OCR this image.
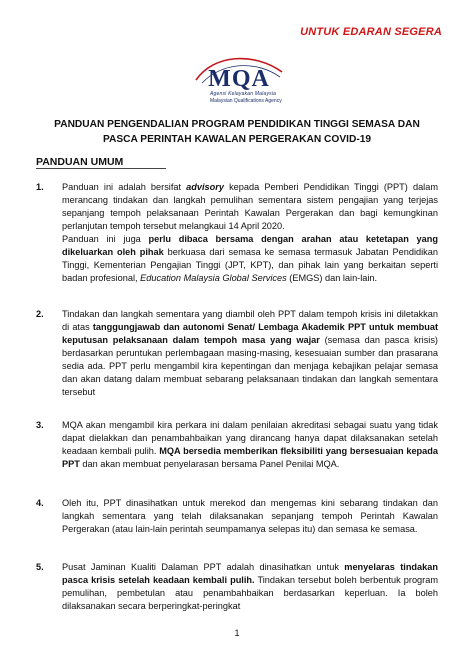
UNTUK EDARAN SEGERA
MQA
Agensi Kelayakan Malaysia
Malaysian Qualifications Agency
PANDUAN PENGENDALIAN PROGRAM PENDIDIKAN TINGGI SEMASA DAN
PASCA PERINTAH KAWALAN PERGERAKAN COVID-19
PANDUAN UMUM
1. Panduan ini adalah bersifat advisory kepada Pemberi Pendidikan Tinggi (PPT) dalam merancang tindakan dan langkah pemulihan sementara sistem pengajian yang terjejas sepanjang tempoh pelaksanaan Perintah Kawalan Pergerakan dan bagi kemungkinan perlanjutan tempoh tersebut melangkaui 14 April 2020.

Panduan ini juga perlu dibaca bersama dengan arahan atau ketetapan yang dikeluarkan oleh pihak berkuasa dari semasa ke semasa termasuk Jabatan Pendidikan Tinggi, Kementerian Pengajian Tinggi (JPT, KPT), dan pihak lain yang berkaitan seperti badan profesional, Education Malaysia Global Services (EMGS) dan lain-lain.

2. Tindakan dan langkah sementara yang diambil oleh PPT dalam tempoh krisis ini diletakkan di atas tanggungjawab dan autonomi Senat/ Lembaga Akademik PPT untuk membuat keputusan pelaksanaan dalam tempoh masa yang wajar (semasa dan pasca krisis) berdasarkan peruntukan perlembagaan masing-masing, kesesuaian sumber dan prasarana sedia ada. PPT perlu mengambil kira kepentingan dan menjaga kebajikan pelajar semasa dan akan datang dalam membuat sebarang pelaksanaan tindakan dan langkah sementara tersebut

3. MQA akan mengambil kira perkara ini dalam penilaian akreditasi sebagai suatu yang tidak dapat dielakkan dan penambahbaikan yang dirancang hanya dapat dilaksanakan setelah keadaan kembali pulih. MQA bersedia memberikan fleksibiliti yang bersesuaian kepada PPT dan akan membuat penyelarasan bersama Panel Penilai MQA.

4. Oleh itu, PPT dinasihatkan untuk merekod dan mengemas kini sebarang tindakan dan langkah sementara yang telah dilaksanakan sepanjang tempoh Perintah Kawalan Pergerakan (atau lain-lain perintah seumpamanya selepas itu) dan semasa ke semasa.

5. Pusat Jaminan Kualiti Dalaman PPT adalah dinasihatkan untuk menyelaras tindakan pasca krisis setelah keadaan kembali pulih. Tindakan tersebut boleh berbentuk program pemulihan, pembetulan atau penambahbaikan berdasarkan keperluan. Ia boleh dilaksanakan secara berperingkat-peringkat

1
